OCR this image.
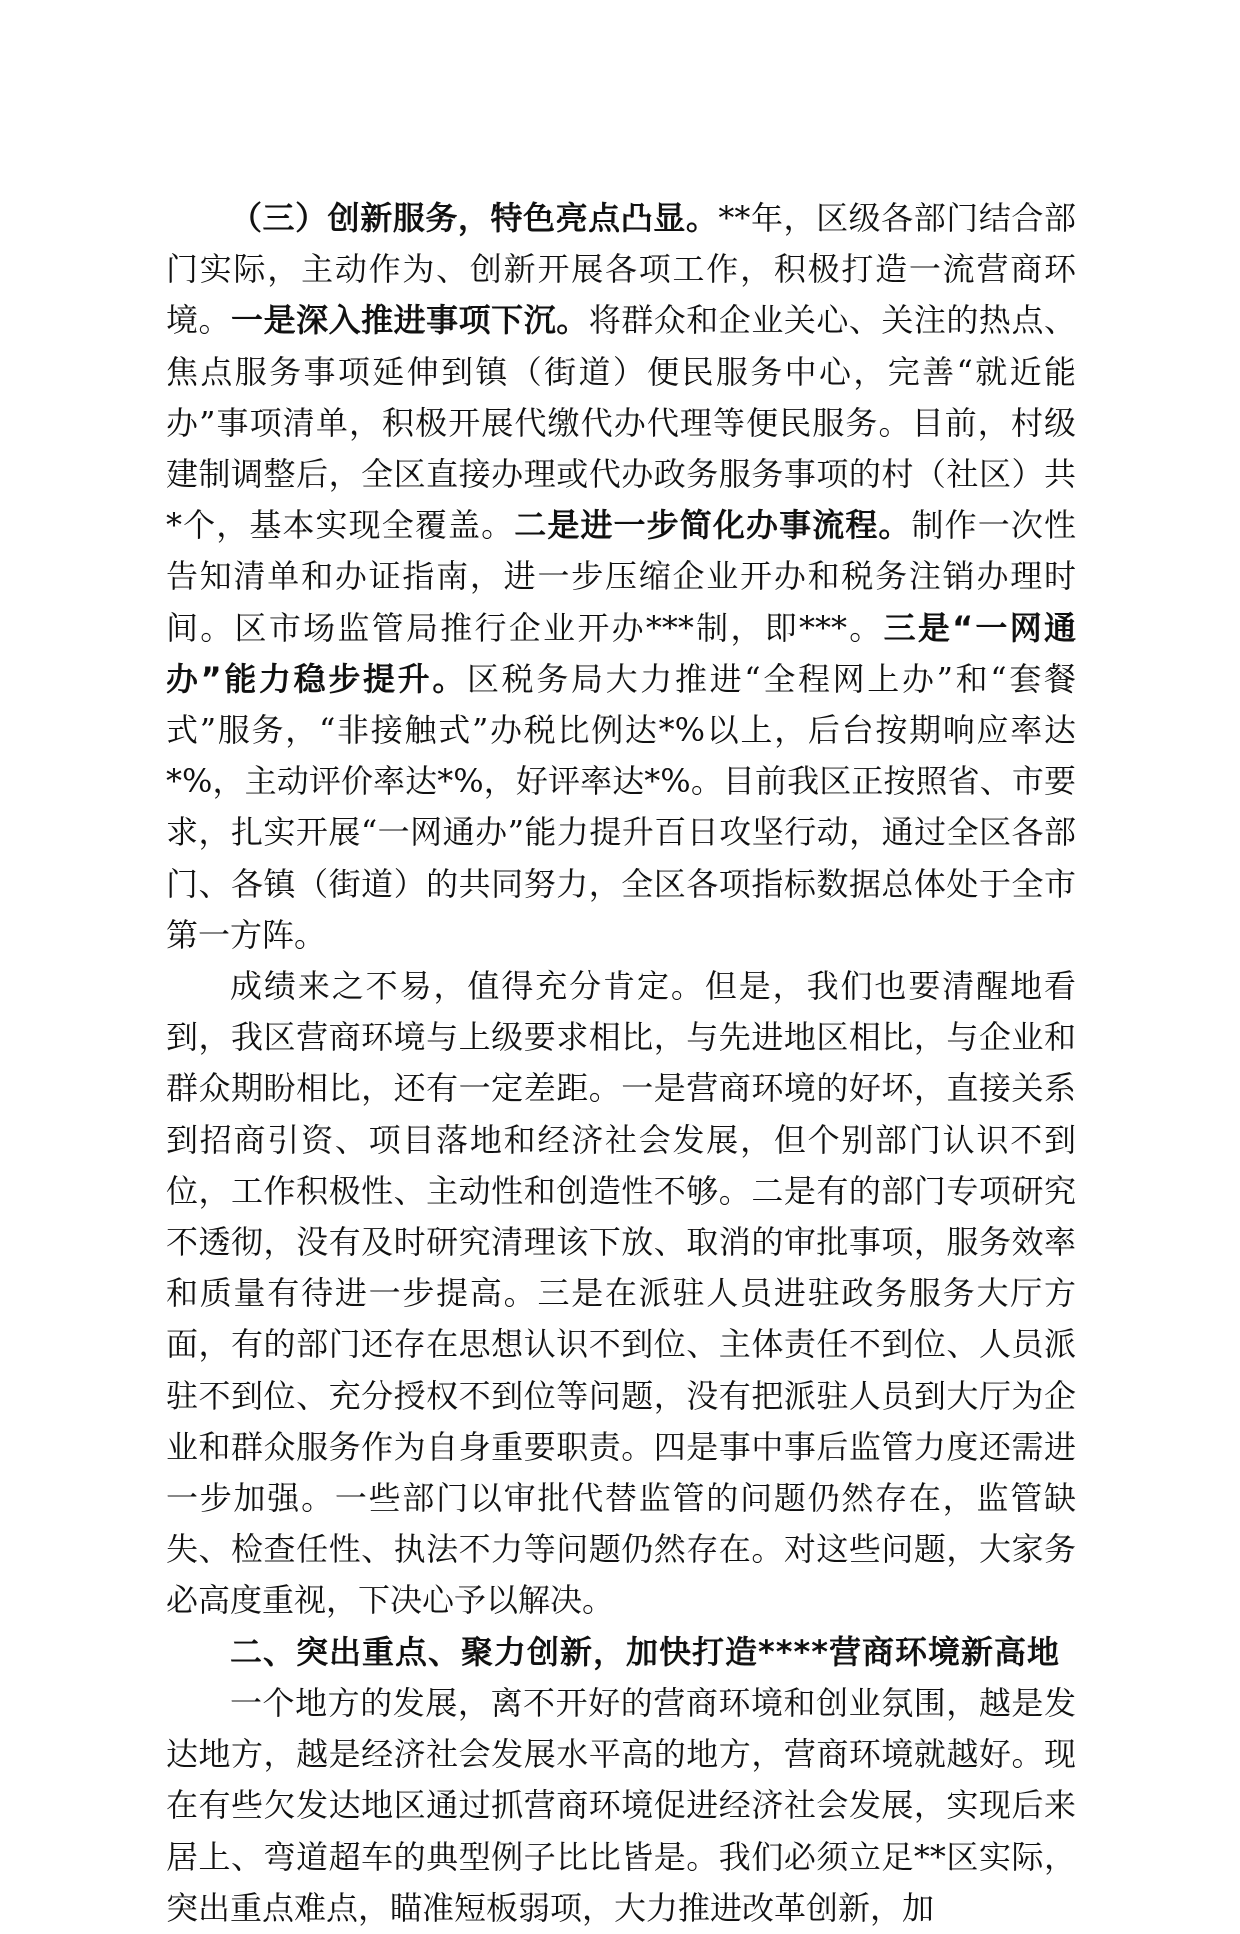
（三）创新服务，特色亮点凸显。**年，区级各部门结合部门实际，主动作为、创新开展各项工作，积极打造一流营商环境。一是深入推进事项下沉。将群众和企业关心、关注的热点、焦点服务事项延伸到镇（街道）便民服务中心，完善“就近能办”事项清单，积极开展代缴代办代理等便民服务。目前，村级建制调整后，全区直接办理或代办政务服务事项的村（社区）共*个，基本实现全覆盖。二是进一步简化办事流程。制作一次性告知清单和办证指南，进一步压缩企业开办和税务注销办理时间。区市场监管局推行企业开办***制，即***。三是“一网通办”能力稳步提升。区税务局大力推进“全程网上办”和“套餐式”服务，“非接触式”办税比例达*%以上，后台按期响应率达*%，主动评价率达*%，好评率达*%。目前我区正按照省、市要求，扎实开展“一网通办”能力提升百日攻坚行动，通过全区各部门、各镇（街道）的共同努力，全区各项指标数据总体处于全市第一方阵。

成绩来之不易，值得充分肯定。但是，我们也要清醒地看到，我区营商环境与上级要求相比，与先进地区相比，与企业和群众期盼相比，还有一定差距。一是营商环境的好坏，直接关系到招商引资、项目落地和经济社会发展，但个别部门认识不到位，工作积极性、主动性和创造性不够。二是有的部门专项研究不透彻，没有及时研究清理该下放、取消的审批事项，服务效率和质量有待进一步提高。三是在派驻人员进驻政务服务大厅方面，有的部门还存在思想认识不到位、主体责任不到位、人员派驻不到位、充分授权不到位等问题，没有把派驻人员到大厅为企业和群众服务作为自身重要职责。四是事中事后监管力度还需进一步加强。一些部门以审批代替监管的问题仍然存在，监管缺失、检查任性、执法不力等问题仍然存在。对这些问题，大家务必高度重视，下决心予以解决。

二、突出重点、聚力创新，加快打造****营商环境新高地

一个地方的发展，离不开好的营商环境和创业氛围，越是发达地方，越是经济社会发展水平高的地方，营商环境就越好。现在有些欠发达地区通过抓营商环境促进经济社会发展，实现后来居上、弯道超车的典型例子比比皆是。我们必须立足**区实际，突出重点难点，瞄准短板弱项，大力推进改革创新，加
